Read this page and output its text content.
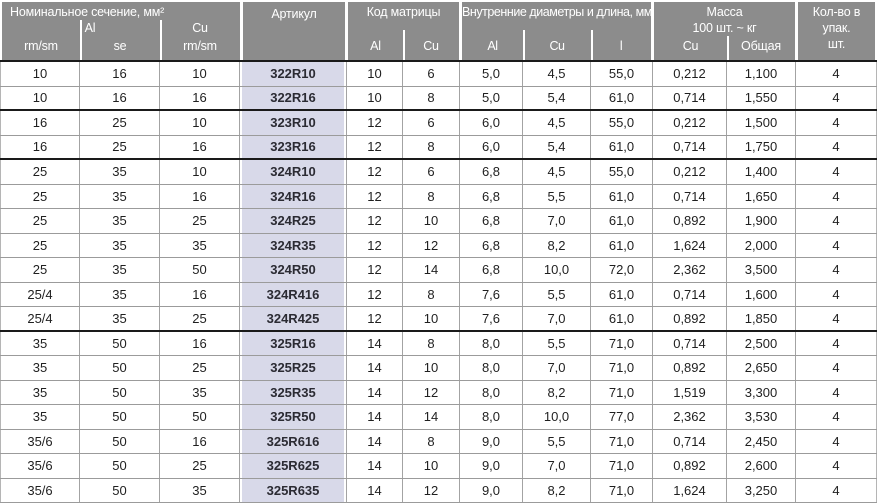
Номинальное сечение, мм²
Al	Cu
rm/sm	se	rm/sm
Артикул	Код матрицы
Al	Cu
Внутренние диаметры и длина, мм
Al	Cu	l
Масса
100 шт. ~ кг
Cu	Общая
Кол-во в
упак.
шт.
10	16	10	322R10	10	6	5,0	4,5	55,0	0,212	1,100	4
10	16	16	322R16	10	8	5,0	5,4	61,0	0,714	1,550	4
16	25	10	323R10	12	6	6,0	4,5	55,0	0,212	1,500	4
16	25	16	323R16	12	8	6,0	5,4	61,0	0,714	1,750	4
25	35	10	324R10	12	6	6,8	4,5	55,0	0,212	1,400	4
25	35	16	324R16	12	8	6,8	5,5	61,0	0,714	1,650	4
25	35	25	324R25	12	10	6,8	7,0	61,0	0,892	1,900	4
25	35	35	324R35	12	12	6,8	8,2	61,0	1,624	2,000	4
25	35	50	324R50	12	14	6,8	10,0	72,0	2,362	3,500	4
25/4	35	16	324R416	12	8	7,6	5,5	61,0	0,714	1,600	4
25/4	35	25	324R425	12	10	7,6	7,0	61,0	0,892	1,850	4
35	50	16	325R16	14	8	8,0	5,5	71,0	0,714	2,500	4
35	50	25	325R25	14	10	8,0	7,0	71,0	0,892	2,650	4
35	50	35	325R35	14	12	8,0	8,2	71,0	1,519	3,300	4
35	50	50	325R50	14	14	8,0	10,0	77,0	2,362	3,530	4
35/6	50	16	325R616	14	8	9,0	5,5	71,0	0,714	2,450	4
35/6	50	25	325R625	14	10	9,0	7,0	71,0	0,892	2,600	4
35/6	50	35	325R635	14	12	9,0	8,2	71,0	1,624	3,250	4
